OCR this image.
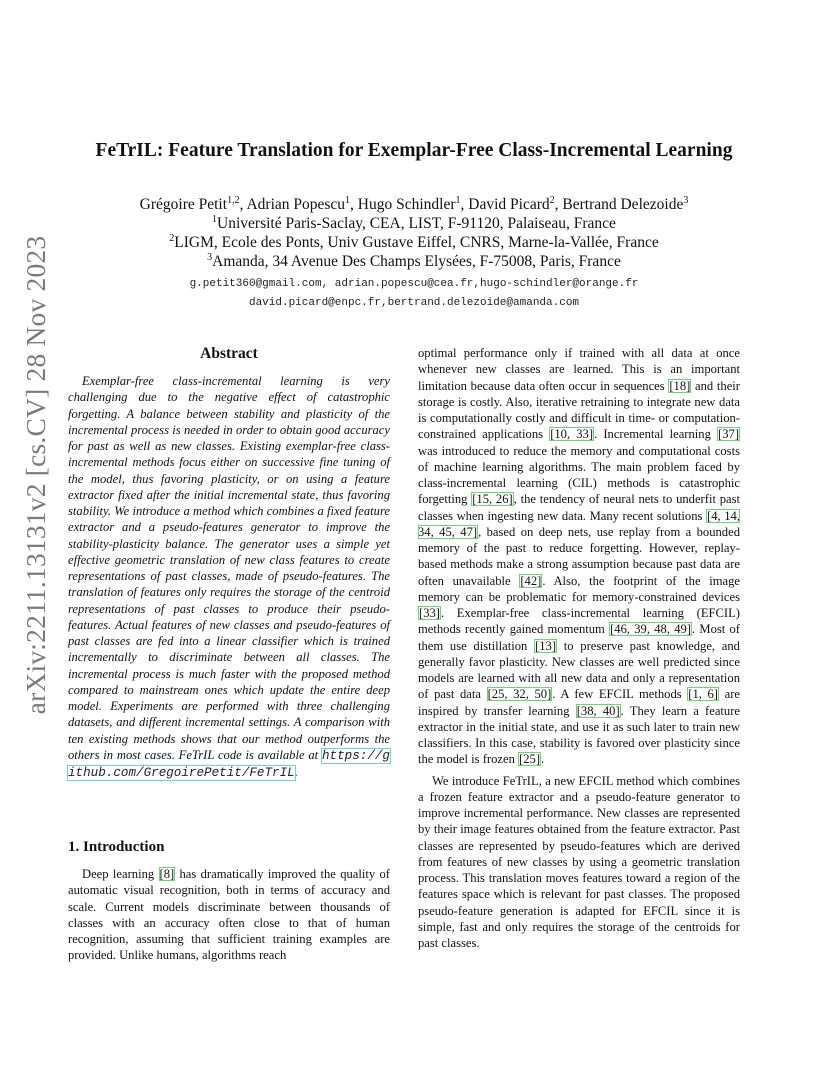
arXiv:2211.13131v2 [cs.CV] 28 Nov 2023
FeTrIL: Feature Translation for Exemplar-Free Class-Incremental Learning
Grégoire Petit$^{1,2}$, Adrian Popescu$^1$, Hugo Schindler$^1$, David Picard$^2$, Bertrand Delezoide$^3$
$^1$Université Paris-Saclay, CEA, LIST, F-91120, Palaiseau, France
$^2$LIGM, Ecole des Ponts, Univ Gustave Eiffel, CNRS, Marne-la-Vallée, France
$^3$Amanda, 34 Avenue Des Champs Elysées, F-75008, Paris, France
g.petit360@gmail.com, adrian.popescu@cea.fr,hugo-schindler@orange.fr
david.picard@enpc.fr,bertrand.delezoide@amanda.com
Abstract

Exemplar-free class-incremental learning is very challenging due to the negative effect of catastrophic forgetting. A balance between stability and plasticity of the incremental process is needed in order to obtain good accuracy for past as well as new classes. Existing exemplar-free class-incremental methods focus either on successive fine tuning of the model, thus favoring plasticity, or on using a feature extractor fixed after the initial incremental state, thus favoring stability. We introduce a method which combines a fixed feature extractor and a pseudo-features generator to improve the stability-plasticity balance. The generator uses a simple yet effective geometric translation of new class features to create representations of past classes, made of pseudo-features. The translation of features only requires the storage of the centroid representations of past classes to produce their pseudo-features. Actual features of new classes and pseudo-features of past classes are fed into a linear classifier which is trained incrementally to discriminate between all classes. The incremental process is much faster with the proposed method compared to mainstream ones which update the entire deep model. Experiments are performed with three challenging datasets, and different incremental settings. A comparison with ten existing methods shows that our method outperforms the others in most cases. FeTrIL code is available at https://github.com/GregoirePetit/FeTrIL.

1. Introduction

Deep learning [8] has dramatically improved the quality of automatic visual recognition, both in terms of accuracy and scale. Current models discriminate between thousands of classes with an accuracy often close to that of human recognition, assuming that sufficient training examples are provided. Unlike humans, algorithms reach

optimal performance only if trained with all data at once whenever new classes are learned. This is an important limitation because data often occur in sequences [18] and their storage is costly. Also, iterative retraining to integrate new data is computationally costly and difficult in time- or computation-constrained applications [10, 33]. Incremental learning [37] was introduced to reduce the memory and computational costs of machine learning algorithms. The main problem faced by class-incremental learning (CIL) methods is catastrophic forgetting [15, 26], the tendency of neural nets to underfit past classes when ingesting new data. Many recent solutions [4, 14, 34, 45, 47], based on deep nets, use replay from a bounded memory of the past to reduce forgetting. However, replay-based methods make a strong assumption because past data are often unavailable [42]. Also, the footprint of the image memory can be problematic for memory-constrained devices [33]. Exemplar-free class-incremental learning (EFCIL) methods recently gained momentum [46, 39, 48, 49]. Most of them use distillation [13] to preserve past knowledge, and generally favor plasticity. New classes are well predicted since models are learned with all new data and only a representation of past data [25, 32, 50]. A few EFCIL methods [1, 6] are inspired by transfer learning [38, 40]. They learn a feature extractor in the initial state, and use it as such later to train new classifiers. In this case, stability is favored over plasticity since the model is frozen [25].

We introduce FeTrIL, a new EFCIL method which combines a frozen feature extractor and a pseudo-feature generator to improve incremental performance. New classes are represented by their image features obtained from the feature extractor. Past classes are represented by pseudo-features which are derived from features of new classes by using a geometric translation process. This translation moves features toward a region of the features space which is relevant for past classes. The proposed pseudo-feature generation is adapted for EFCIL since it is simple, fast and only requires the storage of the centroids for past classes.
